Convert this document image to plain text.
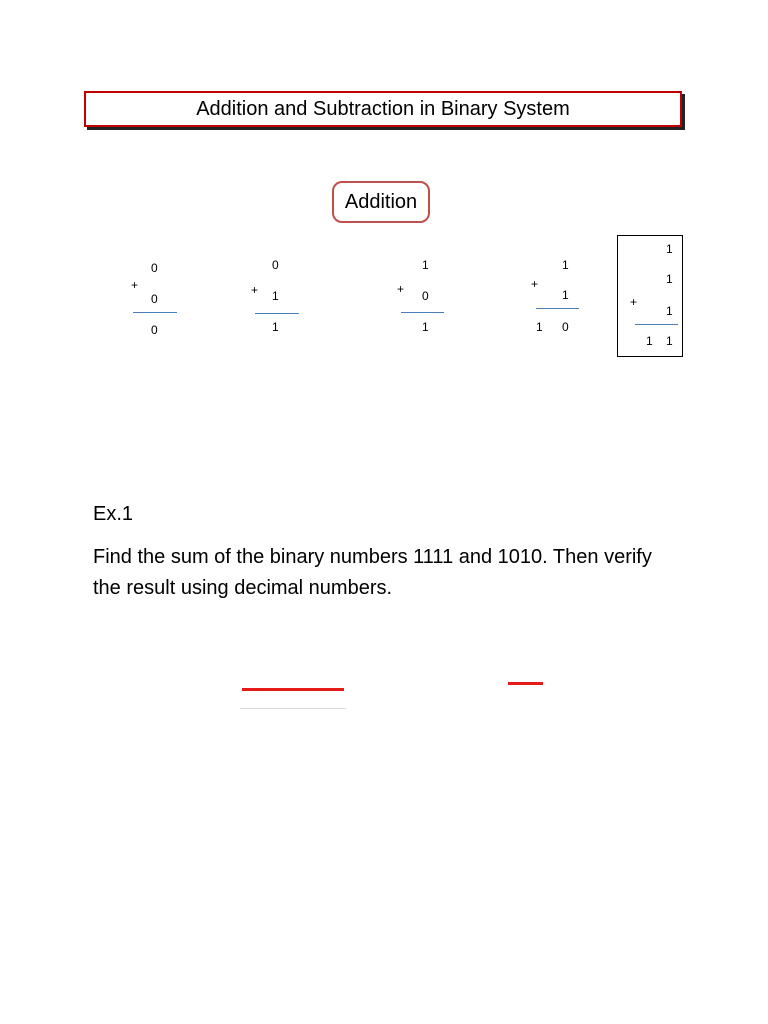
Addition and Subtraction in Binary System
Addition
0
+
0
0
0
+ 1
1
1
+ 0
1
1
+
1
1 0
1
1
+
1
1 1
Ex.1
Find the sum of the binary numbers 1111 and 1010. Then verify the result using decimal numbers.
